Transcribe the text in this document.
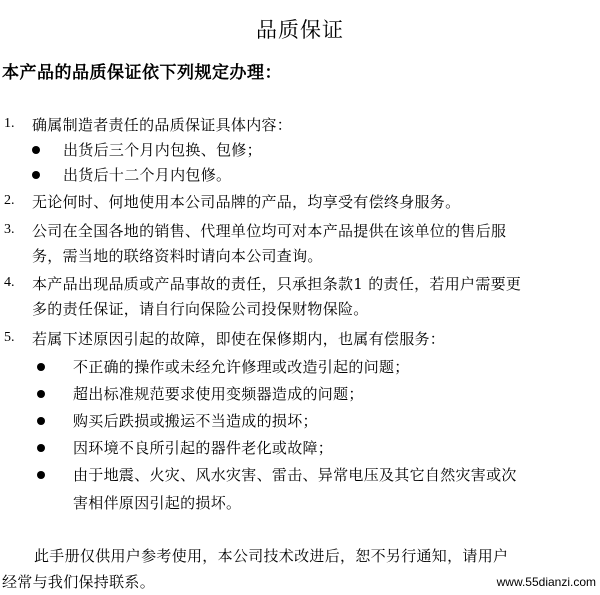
品质保证
本产品的品质保证依下列规定办理：
1. 确属制造者责任的品质保证具体内容：
出货后三个月内包换、包修；
出货后十二个月内包修。
2. 无论何时、何地使用本公司品牌的产品，均享受有偿终身服务。
3. 公司在全国各地的销售、代理单位均可对本产品提供在该单位的售后服
务，需当地的联络资料时请向本公司查询。
4. 本产品出现品质或产品事故的责任，只承担条款1 的责任，若用户需要更
多的责任保证，请自行向保险公司投保财物保险。
5. 若属下述原因引起的故障，即使在保修期内，也属有偿服务：
不正确的操作或未经允许修理或改造引起的问题；
超出标准规范要求使用变频器造成的问题；
购买后跌损或搬运不当造成的损坏；
因环境不良所引起的器件老化或故障；
由于地震、火灾、风水灾害、雷击、异常电压及其它自然灾害或次
害相伴原因引起的损坏。
此手册仅供用户参考使用，本公司技术改进后，恕不另行通知，请用户
经常与我们保持联系。	www.55dianzi.com
